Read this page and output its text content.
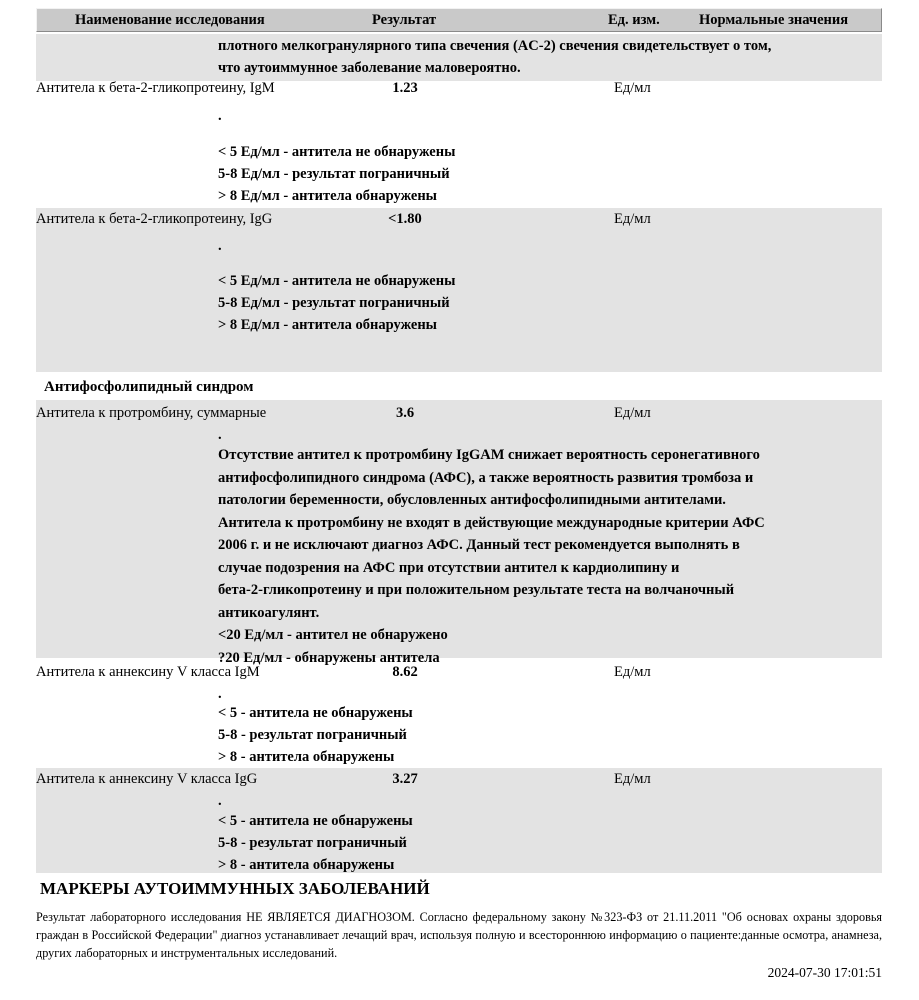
Наименование исследования	Результат	Ед. изм.	Нормальные значения
плотного мелкогранулярного типа свечения (AC-2) свечения свидетельствует о том,
что аутоиммунное заболевание маловероятно.
Антитела к бета-2-гликопротеину, IgM	1.23	Ед/мл
.
< 5 Ед/мл - антитела не обнаружены
5-8 Ед/мл - результат пограничный
> 8 Ед/мл - антитела обнаружены
Антитела к бета-2-гликопротеину, IgG	<1.80	Ед/мл
.
< 5 Ед/мл - антитела не обнаружены
5-8 Ед/мл - результат пограничный
> 8 Ед/мл - антитела обнаружены
Антифосфолипидный синдром
Антитела к протромбину, суммарные	3.6	Ед/мл
.
Отсутствие антител к протромбину IgGAM снижает вероятность серонегативного
антифосфолипидного синдрома (АФС), а также вероятность развития тромбоза и
патологии беременности, обусловленных антифосфолипидными антителами.
Антитела к протромбину не входят в действующие международные критерии АФС
2006 г. и не исключают диагноз АФС. Данный тест рекомендуется выполнять в
случае подозрения на АФС при отсутствии антител к кардиолипину и
бета-2-гликопротеину и при положительном результате теста на волчаночный
антикоагулянт.
<20 Ед/мл - антител не обнаружено
?20 Ед/мл - обнаружены антитела
Антитела к аннексину V класса IgM	8.62	Ед/мл
.
< 5 - антитела не обнаружены
5-8 - результат пограничный
> 8 - антитела обнаружены
Антитела к аннексину V класса IgG	3.27	Ед/мл
.
< 5 - антитела не обнаружены
5-8 - результат пограничный
> 8 - антитела обнаружены
МАРКЕРЫ АУТОИММУННЫХ ЗАБОЛЕВАНИЙ
Результат лабораторного исследования НЕ ЯВЛЯЕТСЯ ДИАГНОЗОМ. Согласно федеральному закону №323-ФЗ от 21.11.2011 "Об основах охраны здоровья граждан в Российской Федерации" диагноз устанавливает лечащий врач, используя полную и всестороннюю информацию о пациенте:данные осмотра, анамнеза, других лабораторных и инструментальных исследований.
2024-07-30 17:01:51
